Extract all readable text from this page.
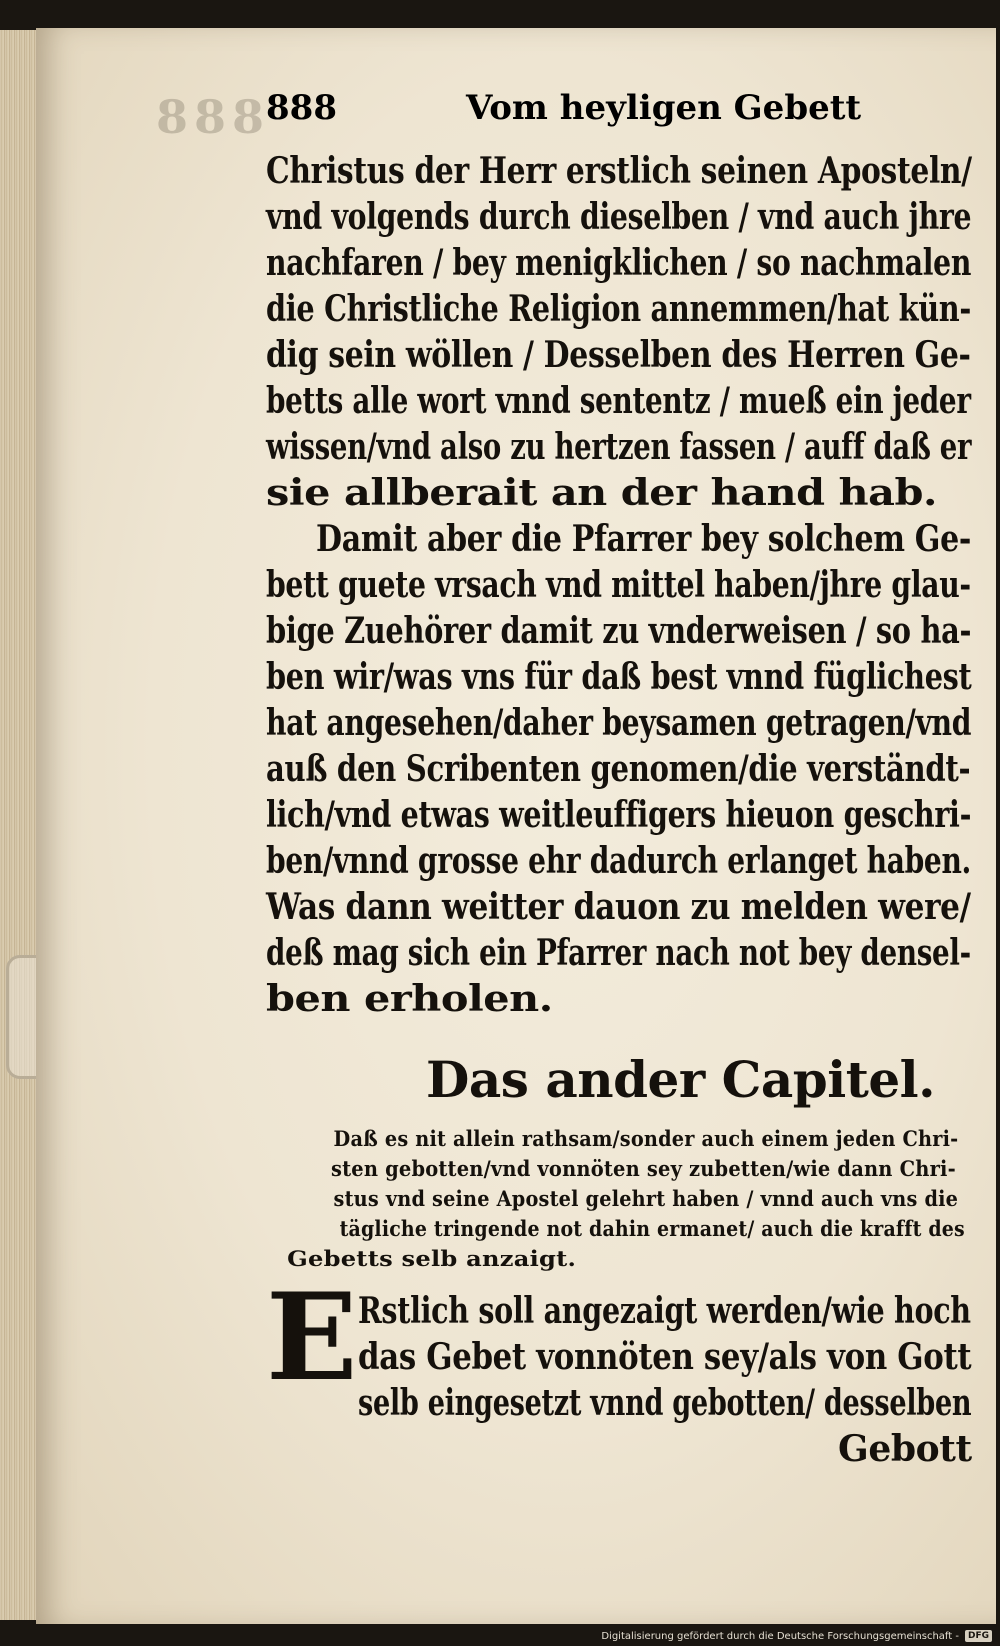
888
888	Vom heyligen Gebett
Christus der Herr erstlich seinen Aposteln/
vnd volgends durch dieselben / vnd auch jhre
nachfaren / bey menigklichen / so nachmalen
die Christliche Religion annemmen/hat kün-
dig sein wöllen / Desselben des Herren Ge-
betts alle wort vnnd sententz / mueß ein jeder
wissen/vnd also zu hertzen fassen / auff daß er
sie allberait an der hand hab.
Damit aber die Pfarrer bey solchem Ge-
bett guete vrsach vnd mittel haben/jhre glau-
bige Zuehörer damit zu vnderweisen / so ha-
ben wir/was vns für daß best vnnd füglichest
hat angesehen/daher beysamen getragen/vnd
auß den Scribenten genomen/die verständt-
lich/vnd etwas weitleuffigers hieuon geschri-
ben/vnnd grosse ehr dadurch erlanget haben.
Was dann weitter dauon zu melden were/
deß mag sich ein Pfarrer nach not bey densel-
ben erholen.
Das ander Capitel.
Daß es nit allein rathsam/sonder auch einem jeden Chri-
sten gebotten/vnd vonnöten sey zubetten/wie dann Chri-
stus vnd seine Apostel gelehrt haben / vnnd auch vns die
tägliche tringende not dahin ermanet/ auch die krafft des
Gebetts selb anzaigt.
E Rstlich soll angezaigt werden/wie hoch
das Gebet vonnöten sey/als von Gott
selb eingesetzt vnnd gebotten/ desselben
Gebott
Digitalisierung gefördert durch die Deutsche Forschungsgemeinschaft -	DFG
